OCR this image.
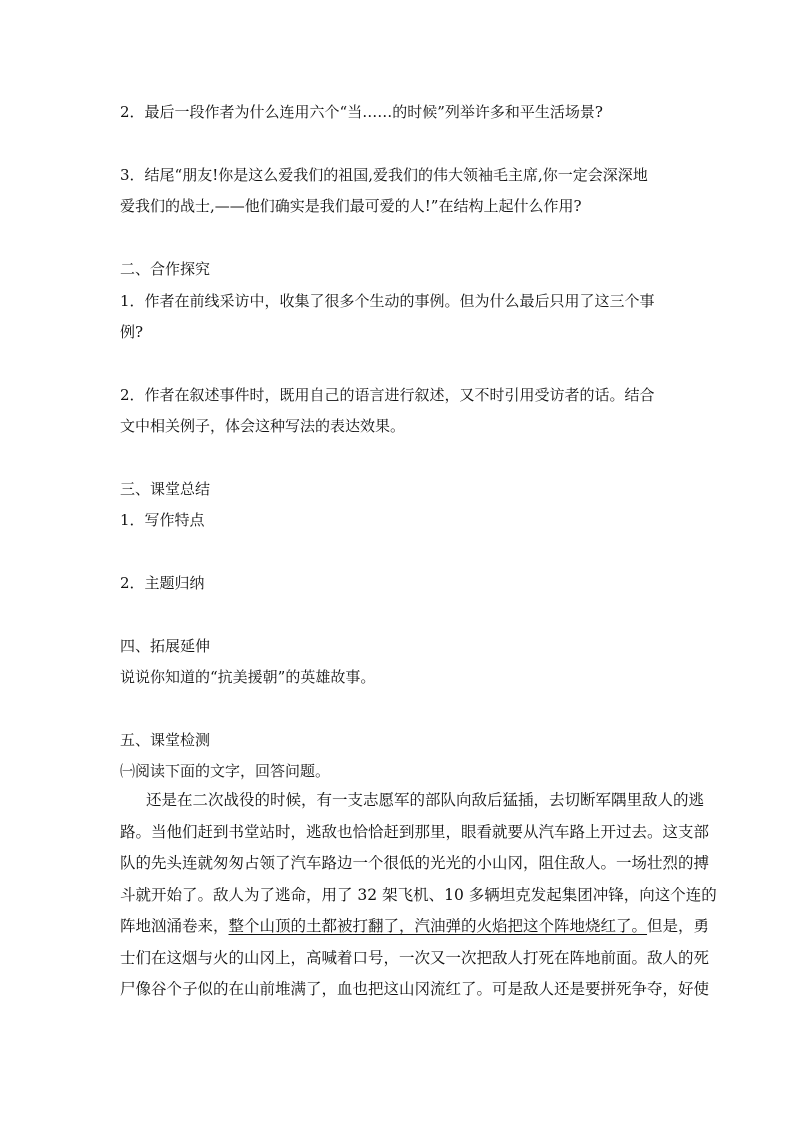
2．最后一段作者为什么连用六个“当……的时候”列举许多和平生活场景?
3．结尾“朋友!你是这么爱我们的祖国,爱我们的伟大领袖毛主席,你一定会深深地
爱我们的战士,——他们确实是我们最可爱的人!”在结构上起什么作用?
二、合作探究
1．作者在前线采访中，收集了很多个生动的事例。但为什么最后只用了这三个事
例?
2．作者在叙述事件时，既用自己的语言进行叙述，又不时引用受访者的话。结合
文中相关例子，体会这种写法的表达效果。
三、课堂总结
1．写作特点
2．主题归纳
四、拓展延伸
说说你知道的“抗美援朝”的英雄故事。
五、课堂检测
㈠阅读下面的文字，回答问题。
还是在二次战役的时候，有一支志愿军的部队向敌后猛插，去切断军隅里敌人的逃
路。当他们赶到书堂站时，逃敌也恰恰赶到那里，眼看就要从汽车路上开过去。这支部
队的先头连就匆匆占领了汽车路边一个很低的光光的小山冈，阻住敌人。一场壮烈的搏
斗就开始了。敌人为了逃命，用了 32 架飞机、10 多辆坦克发起集团冲锋，向这个连的
阵地汹涌卷来，整个山顶的土都被打翻了，汽油弹的火焰把这个阵地烧红了。但是，勇
士们在这烟与火的山冈上，高喊着口号，一次又一次把敌人打死在阵地前面。敌人的死
尸像谷个子似的在山前堆满了，血也把这山冈流红了。可是敌人还是要拼死争夺，好使
